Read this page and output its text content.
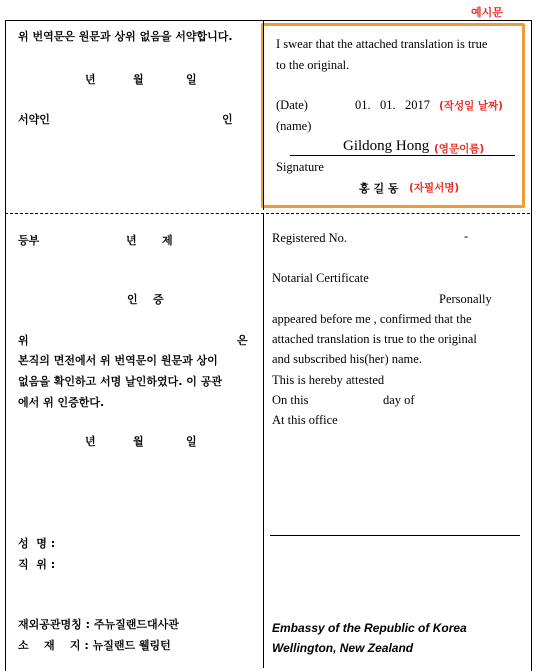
예시문
위 번역문은 원문과 상위 없음을 서약합니다.
년	월	일
서약인	인
I swear that the attached translation is true
to the original.
(Date)	01.   01.   2017 (작성일 날짜)
(name)
Gildong Hong (영문이름)
Signature
홍 길 동 (자필서명)
등부	년 제
인    증
위	은
본직의 면전에서 위 번역문이 원문과 상이
없음을 확인하고 서명 날인하였다. 이 공관
에서 위 인증한다.
년	월	일
성  명 :
직  위 :
재외공관명칭 : 주뉴질랜드대사관
소    재    지 : 뉴질랜드 웰링턴
Registered No.	-
Notarial Certificate
Personally
appeared before me , confirmed that the
attached translation is true to the original
and subscribed his(her) name.
This is hereby attested
On this	day of
At this office
Embassy of the Republic of Korea
Wellington, New Zealand
